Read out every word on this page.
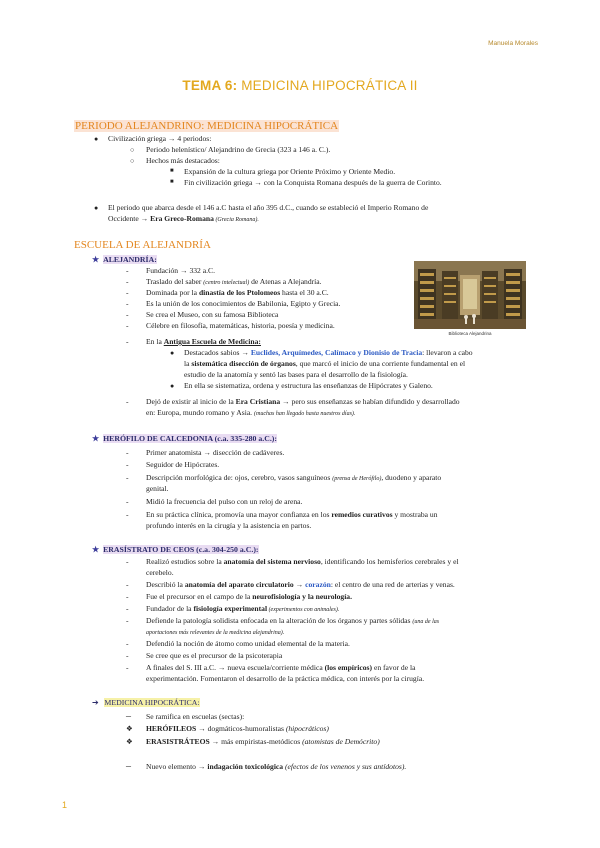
Manuela Morales
TEMA 6: MEDICINA HIPOCRÁTICA II
PERIODO ALEJANDRINO: MEDICINA HIPOCRÁTICA
● Civilización griega → 4 periodos:
○ Periodo helenístico/ Alejandrino de Grecia (323 a 146 a. C.).
○ Hechos más destacados:
■ Expansión de la cultura griega por Oriente Próximo y Oriente Medio.
■ Fin civilización griega → con la Conquista Romana después de la guerra de Corinto.
● El periodo que abarca desde el 146 a.C hasta el año 395 d.C., cuando se estableció el Imperio Romano de
Occidente → Era Greco-Romana (Grecia Romana).
ESCUELA DE ALEJANDRÍA
★ ALEJANDRÍA:
Biblioteca Alejandrina
- Fundación → 332 a.C.
- Traslado del saber (centro intelectual) de Atenas a Alejandría.
- Dominada por la dinastía de los Ptolomeos hasta el 30 a.C.
- Es la unión de los conocimientos de Babilonia, Egipto y Grecia.
- Se crea el Museo, con su famosa Biblioteca
- Célebre en filosofía, matemáticas, historia, poesía y medicina.
- En la Antigua Escuela de Medicina:
● Destacados sabios → Euclides, Arquímedes, Calímaco y Dionisio de Tracia: llevaron a cabo
la sistemática disección de órganos, que marcó el inicio de una corriente fundamental en el
estudio de la anatomía y sentó las bases para el desarrollo de la fisiología.
● En ella se sistematiza, ordena y estructura las enseñanzas de Hipócrates y Galeno.
- Dejó de existir al inicio de la Era Cristiana → pero sus enseñanzas se habían difundido y desarrollado
en: Europa, mundo romano y Asia. (muchas han llegado hasta nuestros días).
★ HERÓFILO DE CALCEDONIA (c.a. 335-280 a.C.):
- Primer anatomista → disección de cadáveres.
- Seguidor de Hipócrates.
- Descripción morfológica de: ojos, cerebro, vasos sanguíneos (prensa de Herófilo), duodeno y aparato
genital.
- Midió la frecuencia del pulso con un reloj de arena.
- En su práctica clínica, promovía una mayor confianza en los remedios curativos y mostraba un
profundo interés en la cirugía y la asistencia en partos.
★ ERASÍSTRATO DE CEOS (c.a. 304-250 a.C.):
- Realizó estudios sobre la anatomía del sistema nervioso, identificando los hemisferios cerebrales y el
cerebelo.
- Describió la anatomía del aparato circulatorio → corazón: el centro de una red de arterias y venas.
- Fue el precursor en el campo de la neurofisiología y la neurología.
- Fundador de la fisiología experimental (experimentos con animales).
- Defiende la patología solidista enfocada en la alteración de los órganos y partes sólidas (una de las
aportaciones más relevantes de la medicina alejandrina).
- Defendió la noción de átomo como unidad elemental de la materia.
- Se cree que es el precursor de la psicoterapia
- A finales del S. III a.C. → nueva escuela/corriente médica (los empíricos) en favor de la
experimentación. Fomentaron el desarrollo de la práctica médica, con interés por la cirugía.
➔ MEDICINA HIPOCRÁTICA:
– Se ramifica en escuelas (sectas):
❖ HERÓFILEOS → dogmáticos-humoralistas (hipocráticos)
❖ ERASISTRÁTEOS → más empiristas-metódicos (atomistas de Demócrito)
– Nuevo elemento → indagación toxicológica (efectos de los venenos y sus antídotos).
1
